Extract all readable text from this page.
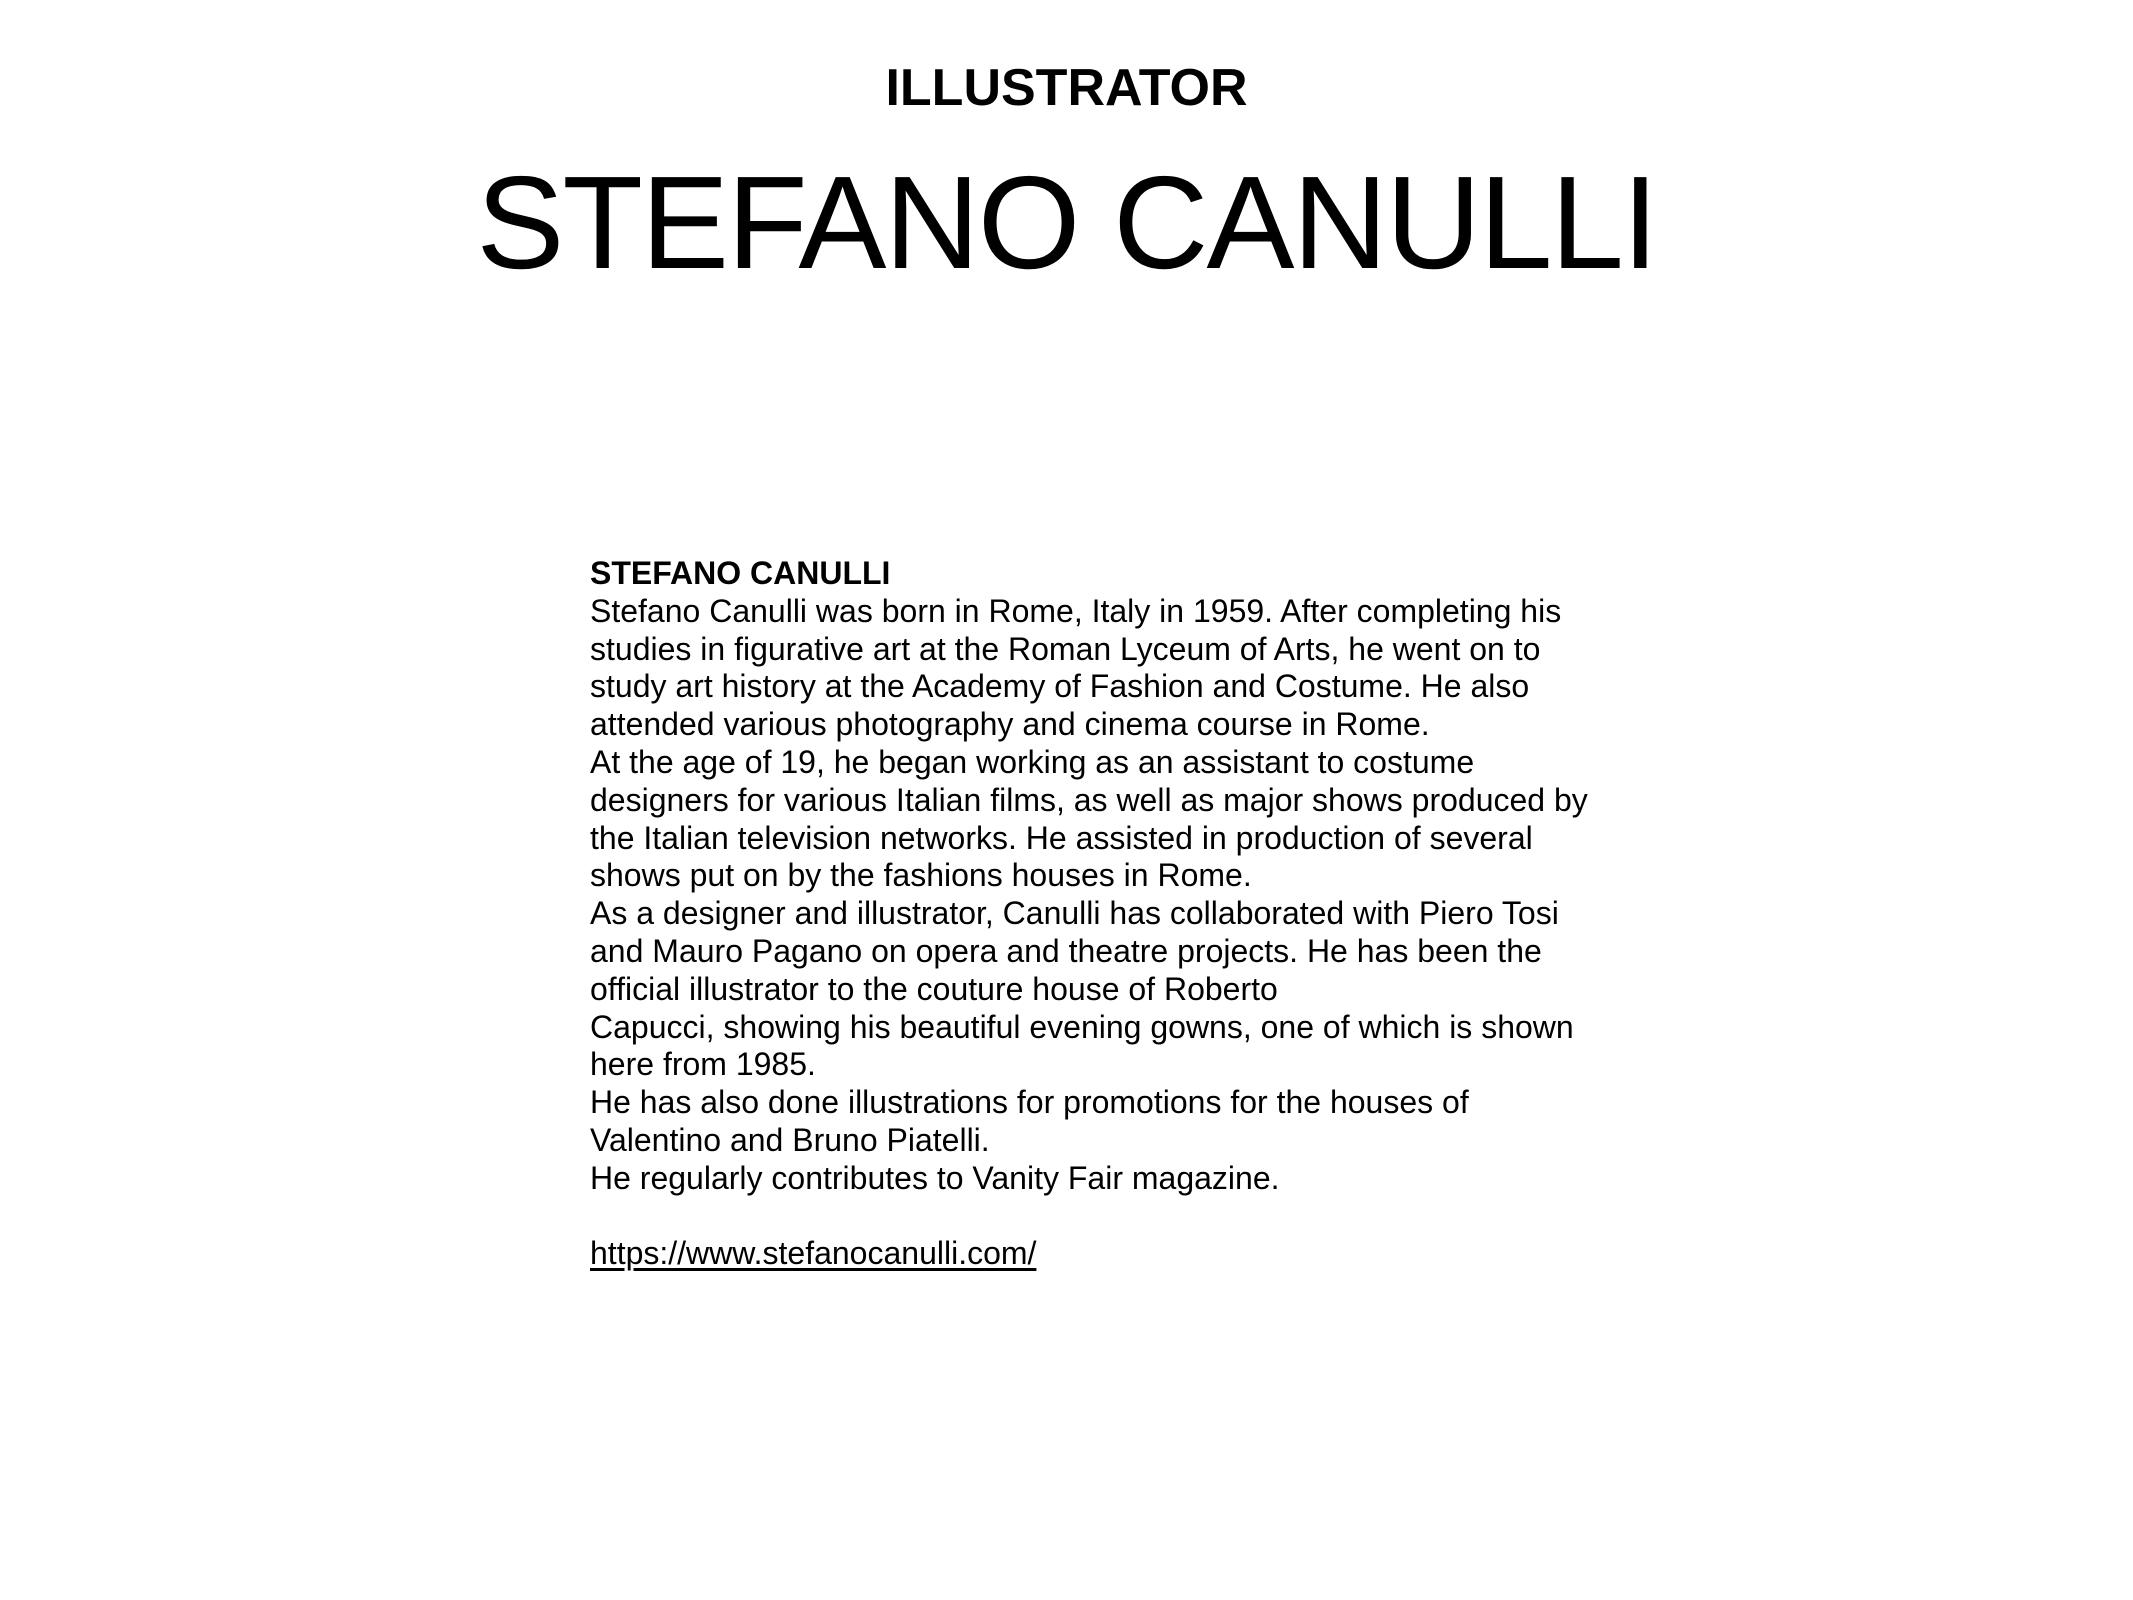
ILLUSTRATOR
STEFANO CANULLI
STEFANO CANULLI
Stefano Canulli was born in Rome, Italy in 1959. After completing his
studies in figurative art at the Roman Lyceum of Arts, he went on to
study art history at the Academy of Fashion and Costume. He also
attended various photography and cinema course in Rome.
At the age of 19, he began working as an assistant to costume
designers for various Italian films, as well as major shows produced by
the Italian television networks. He assisted in production of several
shows put on by the fashions houses in Rome.
As a designer and illustrator, Canulli has collaborated with Piero Tosi
and Mauro Pagano on opera and theatre projects. He has been the
official illustrator to the couture house of Roberto
Capucci, showing his beautiful evening gowns, one of which is shown
here from 1985.
He has also done illustrations for promotions for the houses of
Valentino and Bruno Piatelli.
He regularly contributes to Vanity Fair magazine.
https://www.stefanocanulli.com/
